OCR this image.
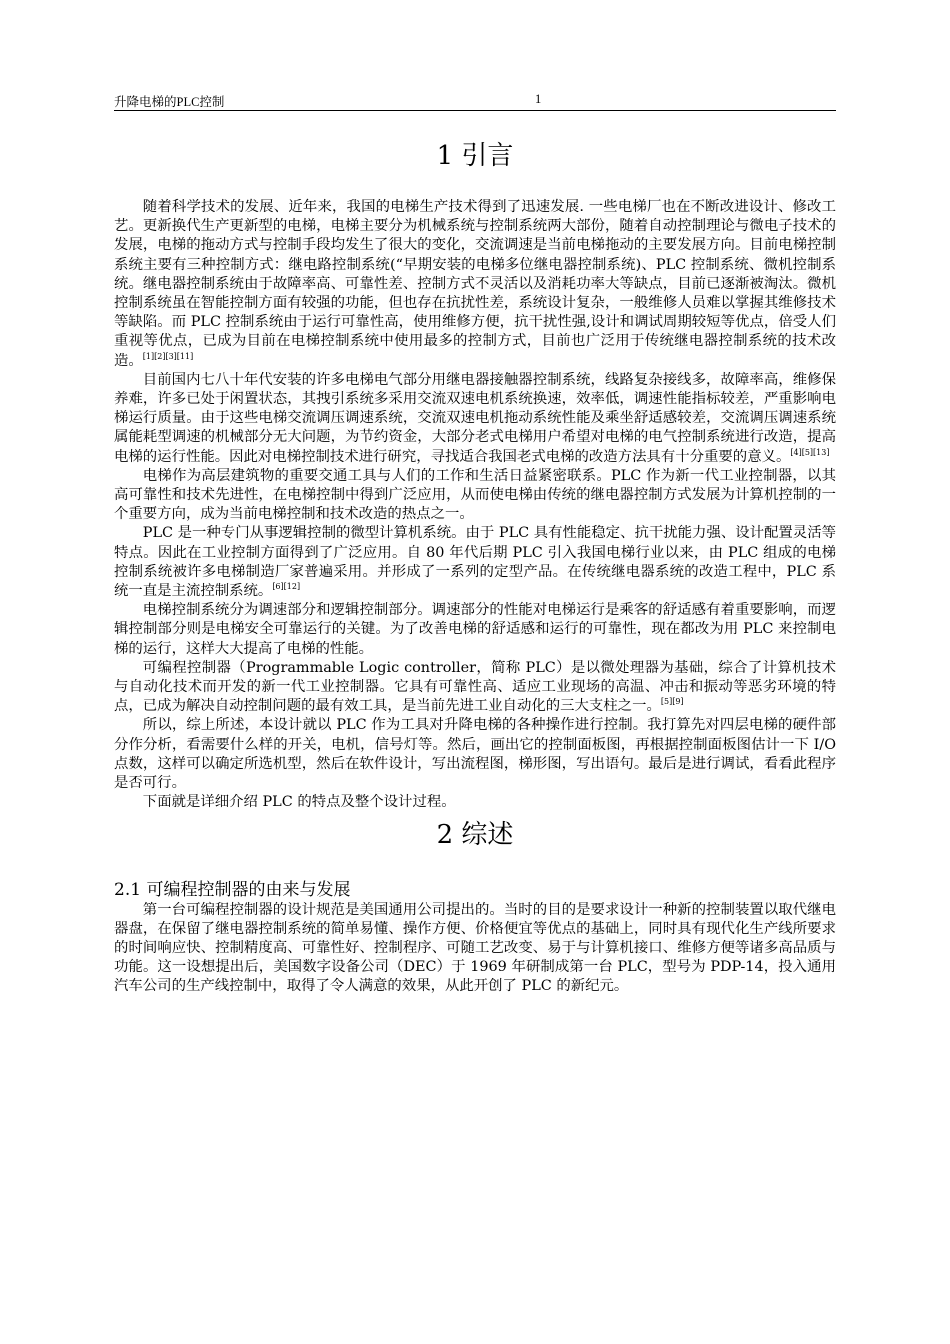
升降电梯的PLC控制	1
1 引言

随着科学技术的发展、近年来，我国的电梯生产技术得到了迅速发展. 一些电梯厂也在不断改进设计、修改工艺。更新换代生产更新型的电梯，电梯主要分为机械系统与控制系统两大部份，随着自动控制理论与微电子技术的发展，电梯的拖动方式与控制手段均发生了很大的变化，交流调速是当前电梯拖动的主要发展方向。目前电梯控制系统主要有三种控制方式：继电路控制系统(“早期安装的电梯多位继电器控制系统)、PLC 控制系统、微机控制系统。继电器控制系统由于故障率高、可靠性差、控制方式不灵活以及消耗功率大等缺点，目前已逐渐被淘汰。微机控制系统虽在智能控制方面有较强的功能，但也存在抗扰性差，系统设计复杂，一般维修人员难以掌握其维修技术等缺陷。而 PLC 控制系统由于运行可靠性高，使用维修方便，抗干扰性强,设计和调试周期较短等优点，倍受人们重视等优点，已成为目前在电梯控制系统中使用最多的控制方式，目前也广泛用于传统继电器控制系统的技术改造。[1][2][3][11]

目前国内七八十年代安装的许多电梯电气部分用继电器接触器控制系统，线路复杂接线多，故障率高，维修保养难，许多已处于闲置状态，其拽引系统多采用交流双速电机系统换速，效率低，调速性能指标较差，严重影响电梯运行质量。由于这些电梯交流调压调速系统，交流双速电机拖动系统性能及乘坐舒适感较差，交流调压调速系统属能耗型调速的机械部分无大问题，为节约资金，大部分老式电梯用户希望对电梯的电气控制系统进行改造，提高电梯的运行性能。因此对电梯控制技术进行研究，寻找适合我国老式电梯的改造方法具有十分重要的意义。[4][5][13]

电梯作为高层建筑物的重要交通工具与人们的工作和生活日益紧密联系。PLC 作为新一代工业控制器，以其高可靠性和技术先进性，在电梯控制中得到广泛应用，从而使电梯由传统的继电器控制方式发展为计算机控制的一个重要方向，成为当前电梯控制和技术改造的热点之一。

PLC 是一种专门从事逻辑控制的微型计算机系统。由于 PLC 具有性能稳定、抗干扰能力强、设计配置灵活等特点。因此在工业控制方面得到了广泛应用。自 80 年代后期 PLC 引入我国电梯行业以来，由 PLC 组成的电梯控制系统被许多电梯制造厂家普遍采用。并形成了一系列的定型产品。在传统继电器系统的改造工程中，PLC 系统一直是主流控制系统。[6][12]

电梯控制系统分为调速部分和逻辑控制部分。调速部分的性能对电梯运行是乘客的舒适感有着重要影响，而逻辑控制部分则是电梯安全可靠运行的关键。为了改善电梯的舒适感和运行的可靠性，现在都改为用 PLC 来控制电梯的运行，这样大大提高了电梯的性能。

可编程控制器（Programmable Logic controller，简称 PLC）是以微处理器为基础，综合了计算机技术与自动化技术而开发的新一代工业控制器。它具有可靠性高、适应工业现场的高温、冲击和振动等恶劣环境的特点，已成为解决自动控制问题的最有效工具，是当前先进工业自动化的三大支柱之一。[5][9]

所以，综上所述，本设计就以 PLC 作为工具对升降电梯的各种操作进行控制。我打算先对四层电梯的硬件部分作分析，看需要什么样的开关，电机，信号灯等。然后，画出它的控制面板图，再根据控制面板图估计一下 I/O 点数，这样可以确定所选机型，然后在软件设计，写出流程图，梯形图，写出语句。最后是进行调试，看看此程序是否可行。

下面就是详细介绍 PLC 的特点及整个设计过程。

2 综述
2.1 可编程控制器的由来与发展

第一台可编程控制器的设计规范是美国通用公司提出的。当时的目的是要求设计一种新的控制装置以取代继电器盘，在保留了继电器控制系统的简单易懂、操作方便、价格便宜等优点的基础上，同时具有现代化生产线所要求的时间响应快、控制精度高、可靠性好、控制程序、可随工艺改变、易于与计算机接口、维修方便等诸多高品质与功能。这一设想提出后，美国数字设备公司（DEC）于 1969 年研制成第一台 PLC，型号为 PDP-14，投入通用汽车公司的生产线控制中，取得了令人满意的效果，从此开创了 PLC 的新纪元。
